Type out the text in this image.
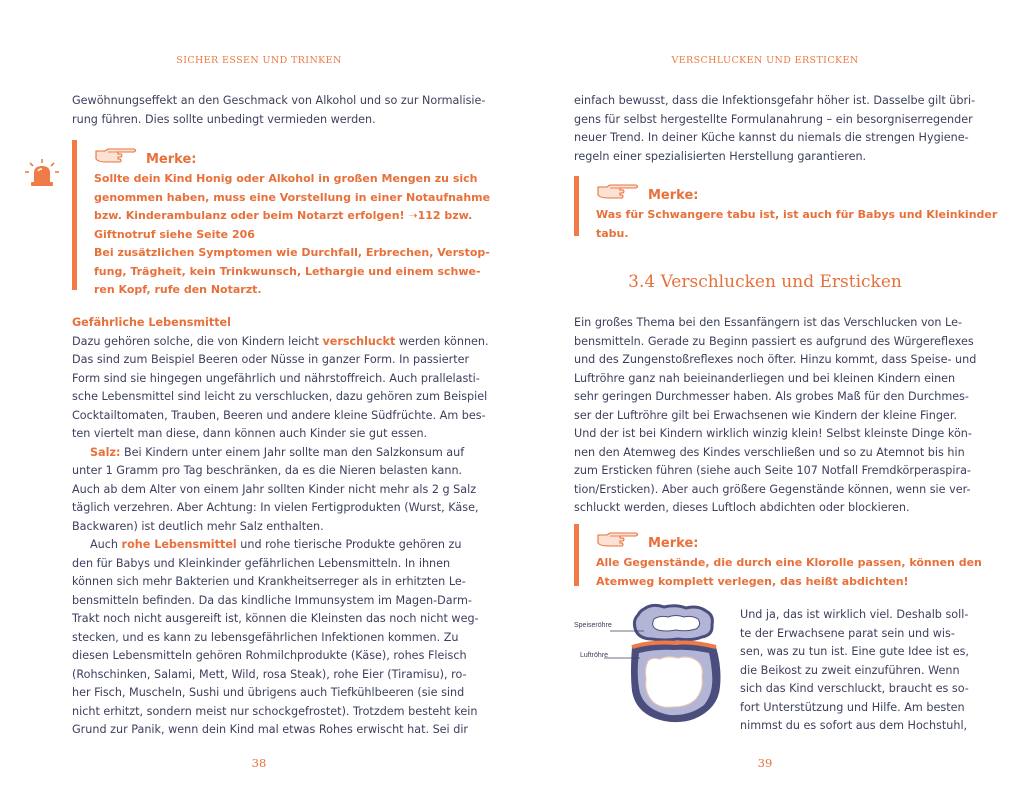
SICHER ESSEN UND TRINKEN
Gewöhnungseffekt an den Geschmack von Alkohol und so zur Normalisie-
rung führen. Dies sollte unbedingt vermieden werden.
Merke:
Sollte dein Kind Honig oder Alkohol in großen Mengen zu sich
genommen haben, muss eine Vorstellung in einer Notaufnahme
bzw. Kinderambulanz oder beim Notarzt erfolgen! ➝112 bzw.
Giftnotruf siehe Seite 206
Bei zusätzlichen Symptomen wie Durchfall, Erbrechen, Verstop-
fung, Trägheit, kein Trinkwunsch, Lethargie und einem schwe-
ren Kopf, rufe den Notarzt.
Gefährliche Lebensmittel
Dazu gehören solche, die von Kindern leicht verschluckt werden können.
Das sind zum Beispiel Beeren oder Nüsse in ganzer Form. In passierter
Form sind sie hingegen ungefährlich und nährstoffreich. Auch prallelasti-
sche Lebensmittel sind leicht zu verschlucken, dazu gehören zum Beispiel
Cocktailtomaten, Trauben, Beeren und andere kleine Südfrüchte. Am bes-
ten viertelt man diese, dann können auch Kinder sie gut essen.
Salz: Bei Kindern unter einem Jahr sollte man den Salzkonsum auf
unter 1 Gramm pro Tag beschränken, da es die Nieren belasten kann.
Auch ab dem Alter von einem Jahr sollten Kinder nicht mehr als 2 g Salz
täglich verzehren. Aber Achtung: In vielen Fertigprodukten (Wurst, Käse,
Backwaren) ist deutlich mehr Salz enthalten.
Auch rohe Lebensmittel und rohe tierische Produkte gehören zu
den für Babys und Kleinkinder gefährlichen Lebensmitteln. In ihnen
können sich mehr Bakterien und Krankheitserreger als in erhitzten Le-
bensmitteln befinden. Da das kindliche Immunsystem im Magen-Darm-
Trakt noch nicht ausgereift ist, können die Kleinsten das noch nicht weg-
stecken, und es kann zu lebensgefährlichen Infektionen kommen. Zu
diesen Lebensmitteln gehören Rohmilchprodukte (Käse), rohes Fleisch
(Rohschinken, Salami, Mett, Wild, rosa Steak), rohe Eier (Tiramisu), ro-
her Fisch, Muscheln, Sushi und übrigens auch Tiefkühlbeeren (sie sind
nicht erhitzt, sondern meist nur schockgefrostet). Trotzdem besteht kein
Grund zur Panik, wenn dein Kind mal etwas Rohes erwischt hat. Sei dir
38
VERSCHLUCKEN UND ERSTICKEN
einfach bewusst, dass die Infektionsgefahr höher ist. Dasselbe gilt übri-
gens für selbst hergestellte Formulanahrung – ein besorgniserregender
neuer Trend. In deiner Küche kannst du niemals die strengen Hygiene-
regeln einer spezialisierten Herstellung garantieren.
Merke:
Was für Schwangere tabu ist, ist auch für Babys und Kleinkinder
tabu.
3.4 Verschlucken und Ersticken
Ein großes Thema bei den Essanfängern ist das Verschlucken von Le-
bensmitteln. Gerade zu Beginn passiert es aufgrund des Würgereflexes
und des Zungenstoßreflexes noch öfter. Hinzu kommt, dass Speise- und
Luftröhre ganz nah beieinanderliegen und bei kleinen Kindern einen
sehr geringen Durchmesser haben. Als grobes Maß für den Durchmes-
ser der Luftröhre gilt bei Erwachsenen wie Kindern der kleine Finger.
Und der ist bei Kindern wirklich winzig klein! Selbst kleinste Dinge kön-
nen den Atemweg des Kindes verschließen und so zu Atemnot bis hin
zum Ersticken führen (siehe auch Seite 107 Notfall Fremdkörperaspira-
tion/Ersticken). Aber auch größere Gegenstände können, wenn sie ver-
schluckt werden, dieses Luftloch abdichten oder blockieren.
Merke:
Alle Gegenstände, die durch eine Klorolle passen, können den
Atemweg komplett verlegen, das heißt abdichten!
Und ja, das ist wirklich viel. Deshalb soll-
te der Erwachsene parat sein und wis-
sen, was zu tun ist. Eine gute Idee ist es,
die Beikost zu zweit einzuführen. Wenn
sich das Kind verschluckt, braucht es so-
fort Unterstützung und Hilfe. Am besten
nimmst du es sofort aus dem Hochstuhl,
39
Speiseröhre
Luftröhre
